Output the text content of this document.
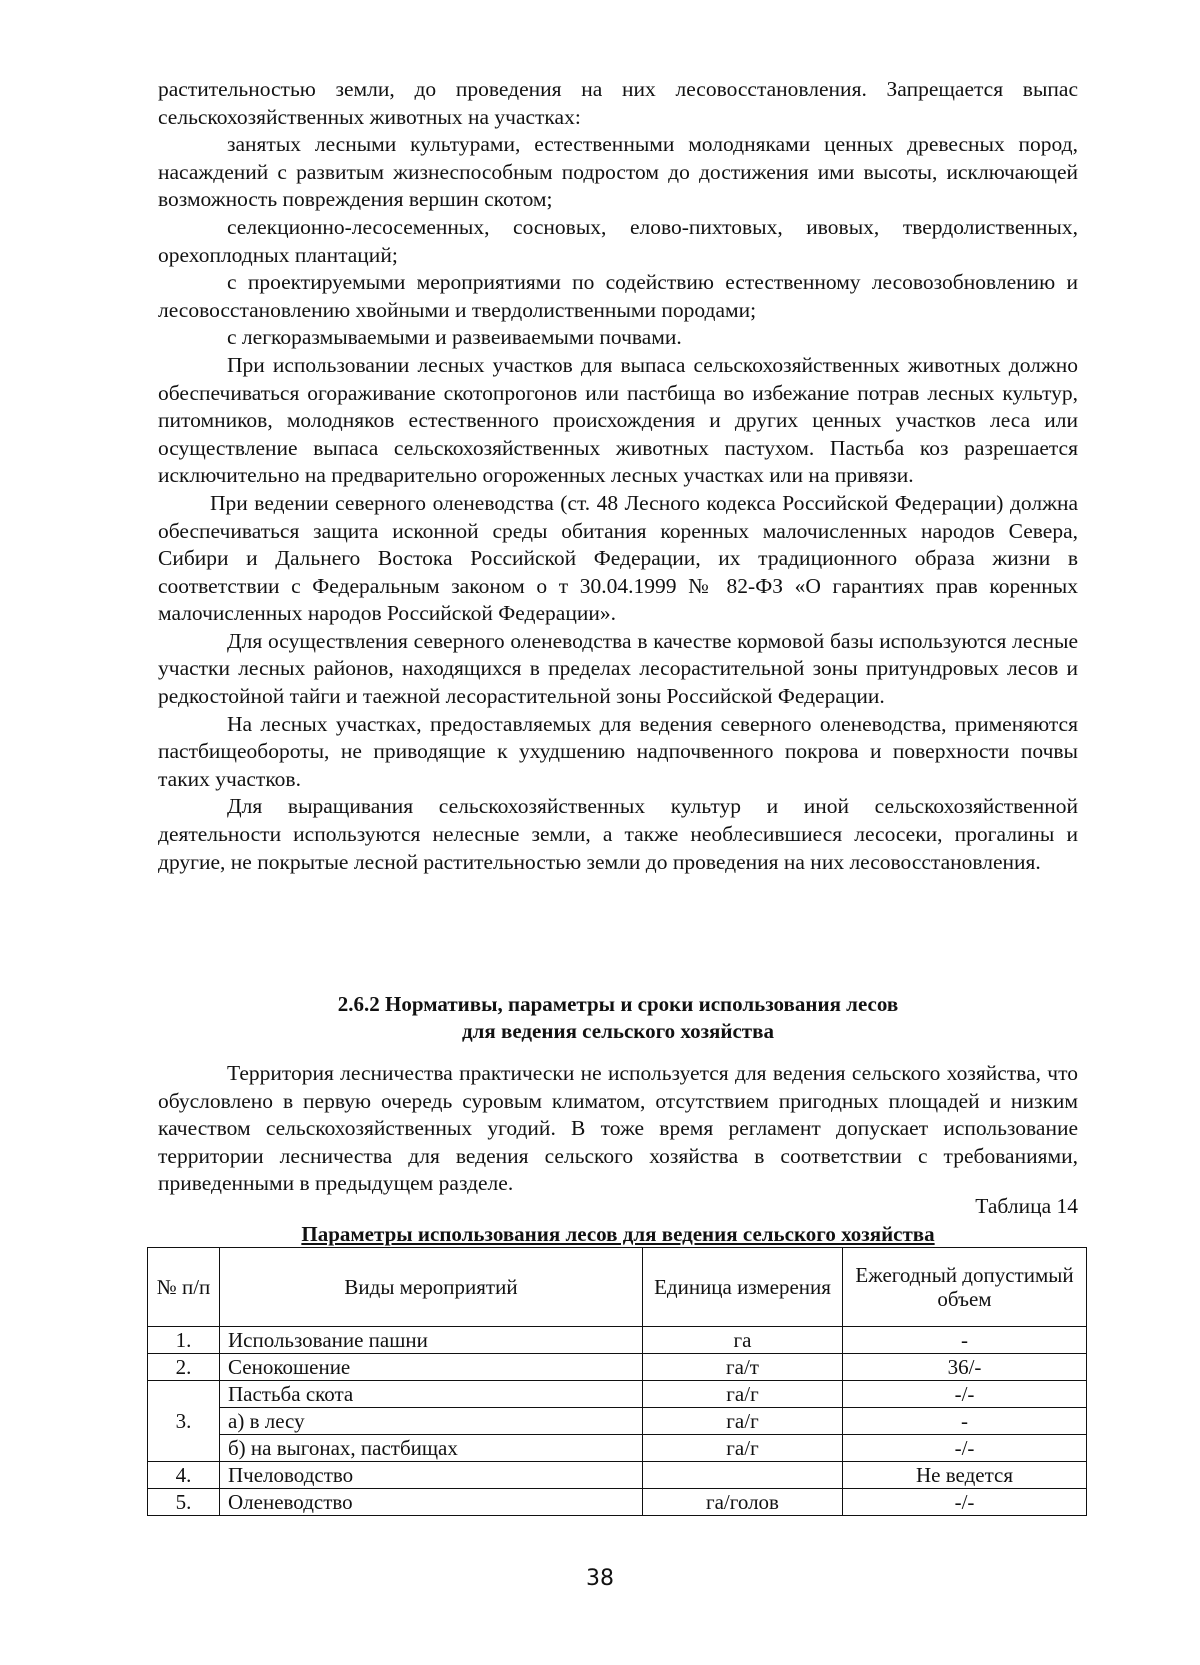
растительностью земли, до проведения на них лесовосстановления. Запрещается выпас сельскохозяйственных животных на участках:

занятых лесными культурами, естественными молодняками ценных древесных пород, насаждений с развитым жизнеспособным подростом до достижения ими высоты, исключающей возможность повреждения вершин скотом;

селекционно-лесосеменных, сосновых, елово-пихтовых, ивовых, твердолиственных, орехоплодных плантаций;

с проектируемыми мероприятиями по содействию естественному лесовозобновлению и лесовосстановлению хвойными и твердолиственными породами;

с легкоразмываемыми и развеиваемыми почвами.

При использовании лесных участков для выпаса сельскохозяйственных животных должно обеспечиваться огораживание скотопрогонов или пастбища во избежание потрав лесных культур, питомников, молодняков естественного происхождения и других ценных участков леса или осуществление выпаса сельскохозяйственных животных пастухом. Пастьба коз разрешается исключительно на предварительно огороженных лесных участках или на привязи.

При ведении северного оленеводства (ст. 48 Лесного кодекса Российской Федерации) должна обеспечиваться защита исконной среды обитания коренных малочисленных народов Севера, Сибири и Дальнего Востока Российской Федерации, их традиционного образа жизни в соответствии с Федеральным законом о т 30.04.1999 № 82-ФЗ «О гарантиях прав коренных малочисленных народов Российской Федерации».

Для осуществления северного оленеводства в качестве кормовой базы используются лесные участки лесных районов, находящихся в пределах лесорастительной зоны притундровых лесов и редкостойной тайги и таежной лесорастительной зоны Российской Федерации.

На лесных участках, предоставляемых для ведения северного оленеводства, применяются пастбищеобороты, не приводящие к ухудшению надпочвенного покрова и поверхности почвы таких участков.

Для выращивания сельскохозяйственных культур и иной сельскохозяйственной деятельности используются нелесные земли, а также необлесившиеся лесосеки, прогалины и другие, не покрытые лесной растительностью земли до проведения на них лесовосстановления.

2.6.2 Нормативы, параметры и сроки использования лесов
для ведения сельского хозяйства
Территория лесничества практически не используется для ведения сельского хозяйства, что обусловлено в первую очередь суровым климатом, отсутствием пригодных площадей и низким качеством сельскохозяйственных угодий. В тоже время регламент допускает использование территории лесничества для ведения сельского хозяйства в соответствии с требованиями, приведенными в предыдущем разделе.
Таблица 14
Параметры использования лесов для ведения сельского хозяйства
№ п/п	Виды мероприятий	Единица измерения	Ежегодный допустимый объем
1.	Использование пашни	га	-
2.	Сенокошение	га/т	36/-
3.	Пастьба скота	га/г	-/-
	а) в лесу	га/г	-
	б) на выгонах, пастбищах	га/г	-/-
4.	Пчеловодство		Не ведется
5.	Оленеводство	га/голов	-/-
38
